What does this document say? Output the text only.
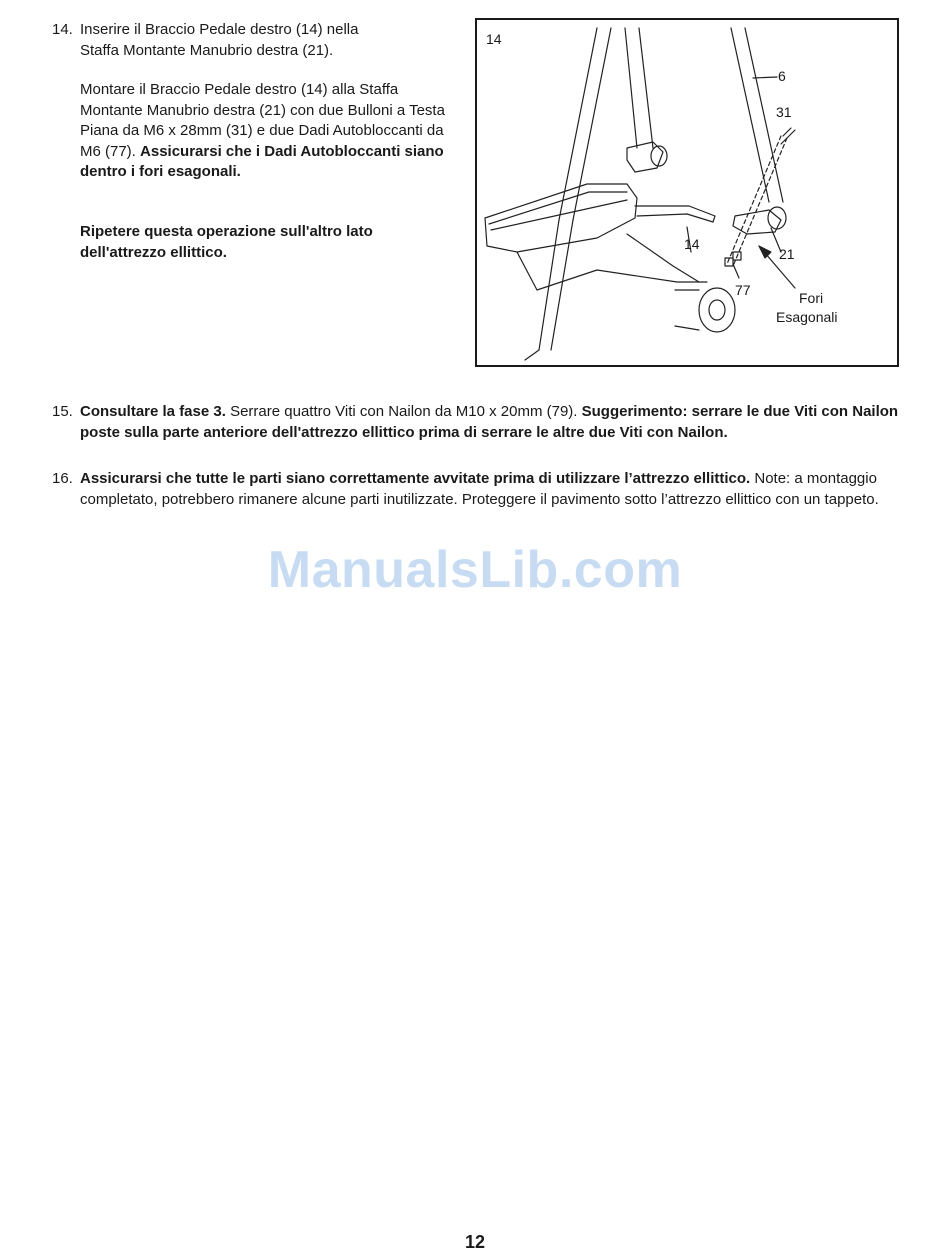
14. Inserire il Braccio Pedale destro (14) nella
Staffa Montante Manubrio destra (21).

Montare il Braccio Pedale destro (14) alla Staffa Montante Manubrio destra (21) con due Bulloni a Testa Piana da M6 x 28mm (31) e due Dadi Autobloccanti da M6 (77). Assicurarsi che i Dadi Autobloccanti siano dentro i fori esagonali.

Ripetere questa operazione sull'altro lato dell'attrezzo ellittico.

14
6
31
14
21
77	Fori
Esagonali
15. Consultare la fase 3. Serrare quattro Viti con Nailon da M10 x 20mm (79). Suggerimento: serrare le due Viti con Nailon poste sulla parte anteriore dell'attrezzo ellittico prima di serrare le altre due Viti con Nailon.

16. Assicurarsi che tutte le parti siano correttamente avvitate prima di utilizzare l’attrezzo ellittico. Note: a montaggio completato, potrebbero rimanere alcune parti inutilizzate. Proteggere il pavimento sotto l’attrezzo ellittico con un tappeto.

ManualsLib.com
12
